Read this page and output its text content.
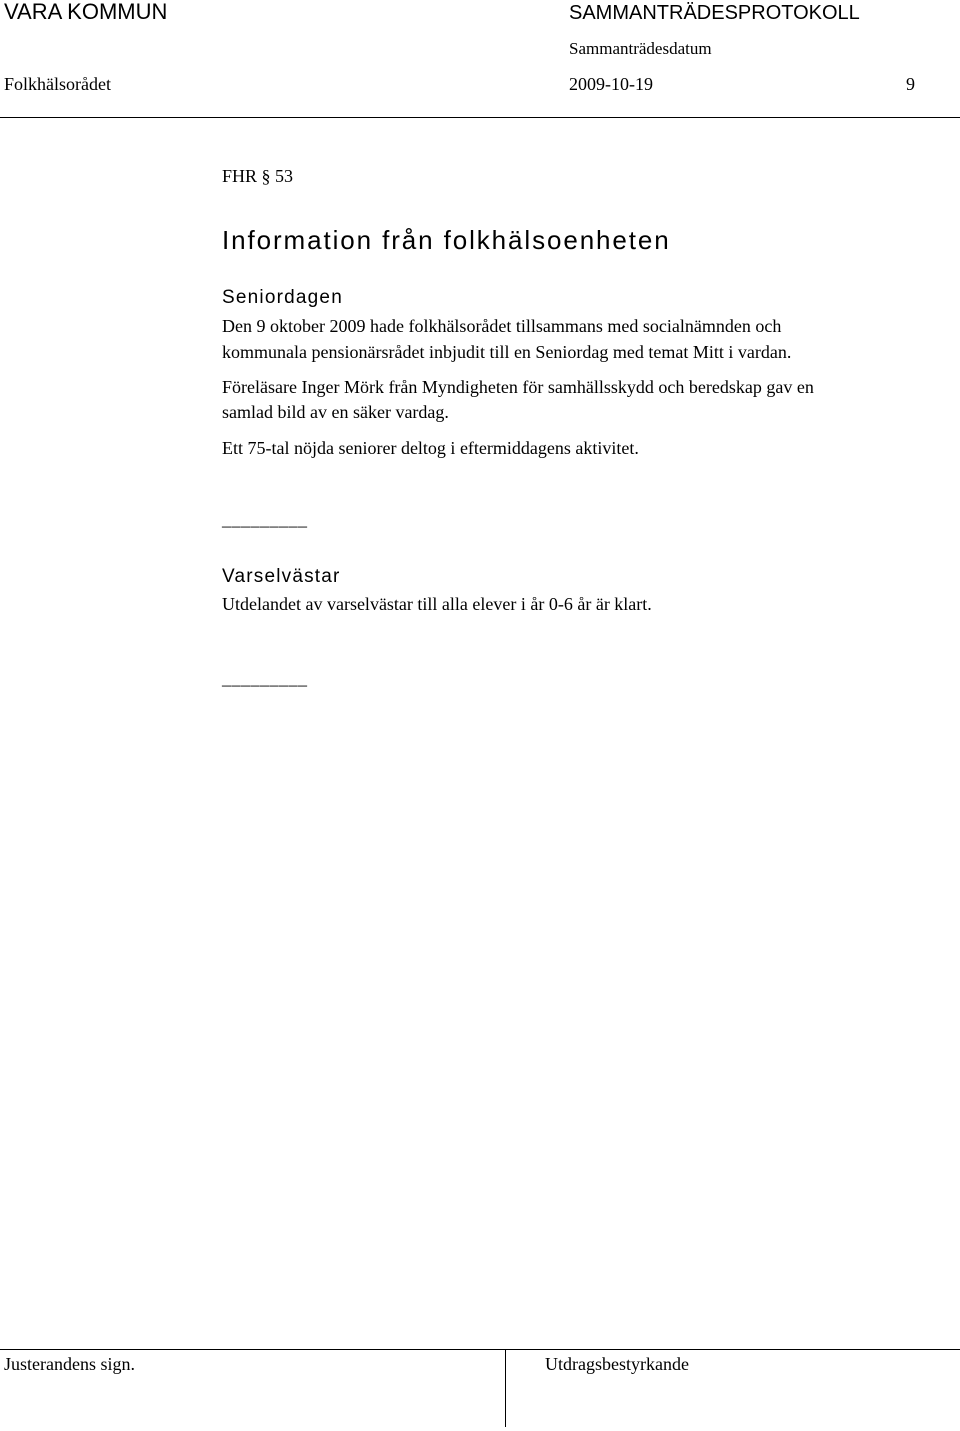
VARA KOMMUN	SAMMANTRÄDESPROTOKOLL
Sammanträdesdatum
Folkhälsorådet	2009-10-19	9
FHR § 53
Information från folkhälsoenheten
Seniordagen
Den 9 oktober 2009 hade folkhälsorådet tillsammans med socialnämnden och
kommunala pensionärsrådet inbjudit till en Seniordag med temat Mitt i vardan.
Föreläsare Inger Mörk från Myndigheten för samhällsskydd och beredskap gav en
samlad bild av en säker vardag.
Ett 75-tal nöjda seniorer deltog i eftermiddagens aktivitet.
_________
Varselvästar
Utdelandet av varselvästar till alla elever i år 0-6 år är klart.
_________
Justerandens sign.	Utdragsbestyrkande
